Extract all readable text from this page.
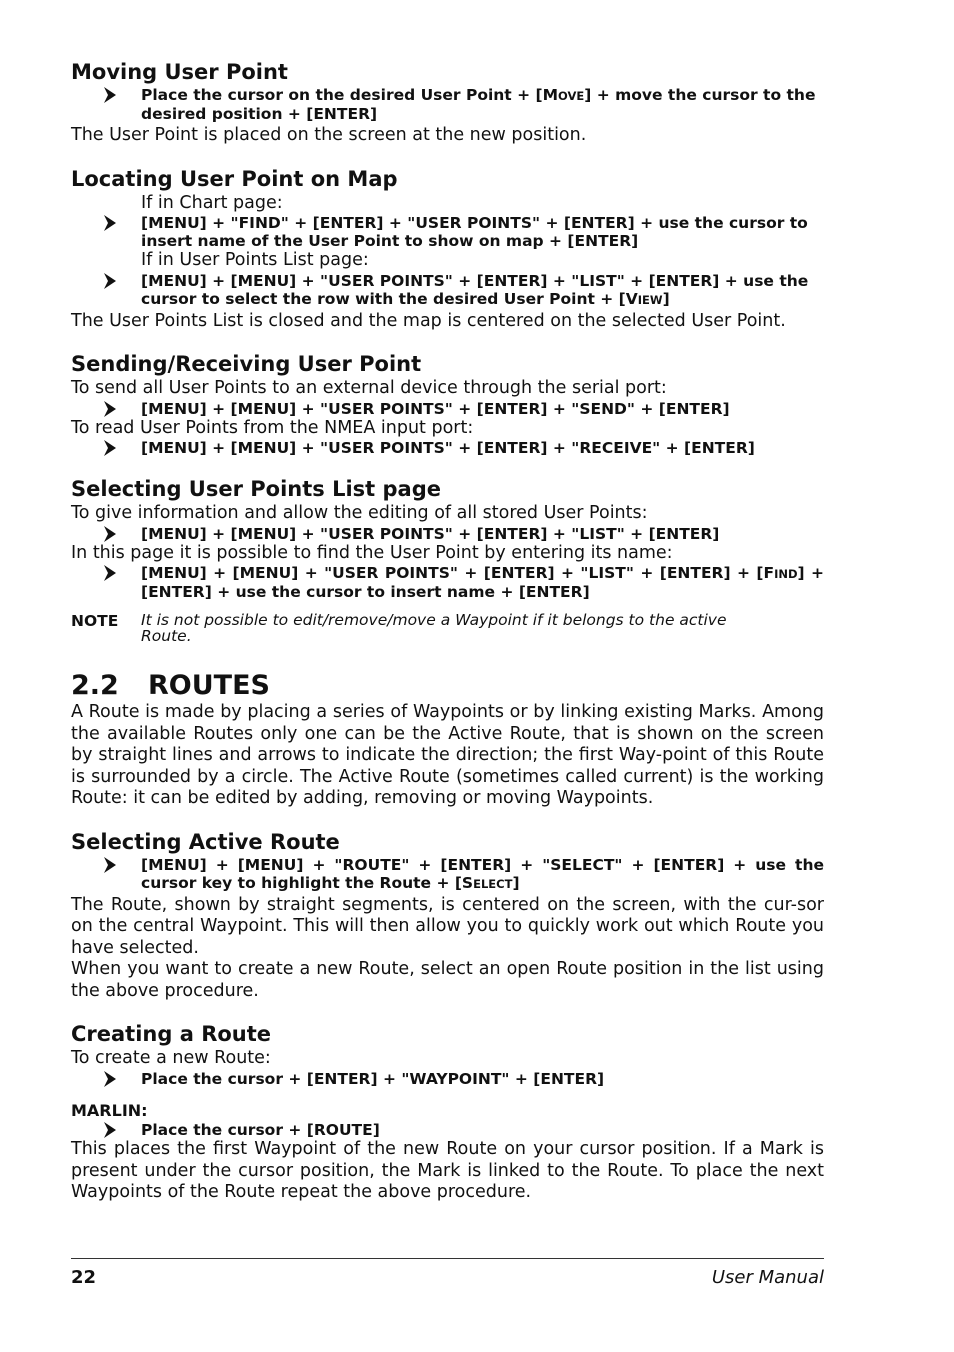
Moving User Point
Place the cursor on the desired User Point + [MOVE] + move the cursor to the desired position + [ENTER]

The User Point is placed on the screen at the new position.

Locating User Point on Map

If in Chart page:

[MENU] + "FIND" + [ENTER] + "USER POINTS" + [ENTER] + use the cursor to insert name of the User Point to show on map + [ENTER]

If in User Points List page:

[MENU] + [MENU] + "USER POINTS" + [ENTER] + "LIST" + [ENTER] + use the cursor to select the row with the desired User Point + [VIEW]

The User Points List is closed and the map is centered on the selected User Point.

Sending/Receiving User Point

To send all User Points to an external device through the serial port:

[MENU] + [MENU] + "USER POINTS" + [ENTER] + "SEND" + [ENTER]

To read User Points from the NMEA input port:

[MENU] + [MENU] + "USER POINTS" + [ENTER] + "RECEIVE" + [ENTER]
Selecting User Points List page

To give information and allow the editing of all stored User Points:

[MENU] + [MENU] + "USER POINTS" + [ENTER] + "LIST" + [ENTER]

In this page it is possible to find the User Point by entering its name:

[MENU] + [MENU] + "USER POINTS" + [ENTER] + "LIST" + [ENTER] + [FIND] + [ENTER] + use the cursor to insert name + [ENTER]
NOTE	It is not possible to edit/remove/move a Waypoint if it belongs to the active Route.
2.2 ROUTES

A Route is made by placing a series of Waypoints or by linking existing Marks. Among the available Routes only one can be the Active Route, that is shown on the screen by straight lines and arrows to indicate the direction; the first Way-point of this Route is surrounded by a circle. The Active Route (sometimes called current) is the working Route: it can be edited by adding, removing or moving Waypoints.

Selecting Active Route
[MENU] + [MENU] + "ROUTE" + [ENTER] + "SELECT" + [ENTER] + use the cursor key to highlight the Route + [SELECT]

The Route, shown by straight segments, is centered on the screen, with the cur-sor on the central Waypoint. This will then allow you to quickly work out which Route you have selected.

When you want to create a new Route, select an open Route position in the list using the above procedure.

Creating a Route

To create a new Route:

Place the cursor + [ENTER] + "WAYPOINT" + [ENTER]

MARLIN:

Place the cursor + [ROUTE]

This places the first Waypoint of the new Route on your cursor position. If a Mark is present under the cursor position, the Mark is linked to the Route. To place the next Waypoints of the Route repeat the above procedure.

22	User Manual
